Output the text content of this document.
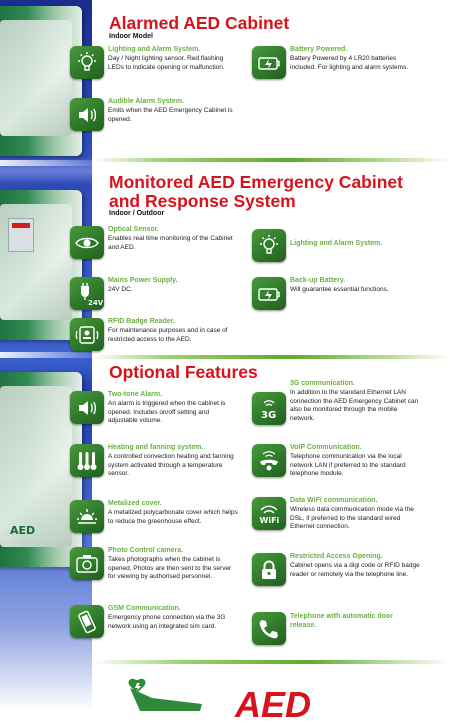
AED
Alarmed AED Cabinet
Indoor Model
Lighting and Alarm System.
Day / Night lighting sensor. Red flashing LEDs to indicate opening or malfunction.
Battery Powered.
Battery Powered by 4 LR20 batteries included. For lighting and alarm systems.
Audible Alarm System.
Emits when the AED Emergency Cabinet is opened.
Monitored AED Emergency Cabinet
and Response System
Indoor / Outdoor
Optical Sensor.
Enables real time monitoring of the Cabinet and AED.	Lighting and Alarm System.
24V
Mains Power Supply.
24V DC.
Back-up Battery.
Will guarantee essential functions.
RFID Badge Reader.
For maintenance purposes and in case of restricted access to the AED.
Optional Features
Two-tone Alarm.
An alarm is triggered when the cabinet is opened. Includes on/off setting and adjustable volume.	3G
3G communication.
In addition to the standard Ethernet LAN connection the AED Emergency Cabinet can also be monitored through the mobile network.
Heating and fanning system.
A controlled convection heating and fanning system activated through a temperature sensor.
VoIP Communication.
Telephone communication via the local network LAN if preferred to the standard telephone module.
Metalized cover.
A metalized polycarbonate cover which helps to reduce the greenhouse effect.	WiFi
Data WiFi communication.
Wireless data communication mode via the DSL, if preferred to the standard wired Ethernet connection.
Photo Control camera.
Takes photographs when the cabinet is opened. Photos are then sent to the server for viewing by authorised personnel.
Restricted Access Opening.
Cabinet opens via a digi code or RFID badge reader or remotely via the telephone line.
GSM Communication.
Emergency phone connection via the 3G network using an integrated sim card.
Telephone with automatic door release.
AED
